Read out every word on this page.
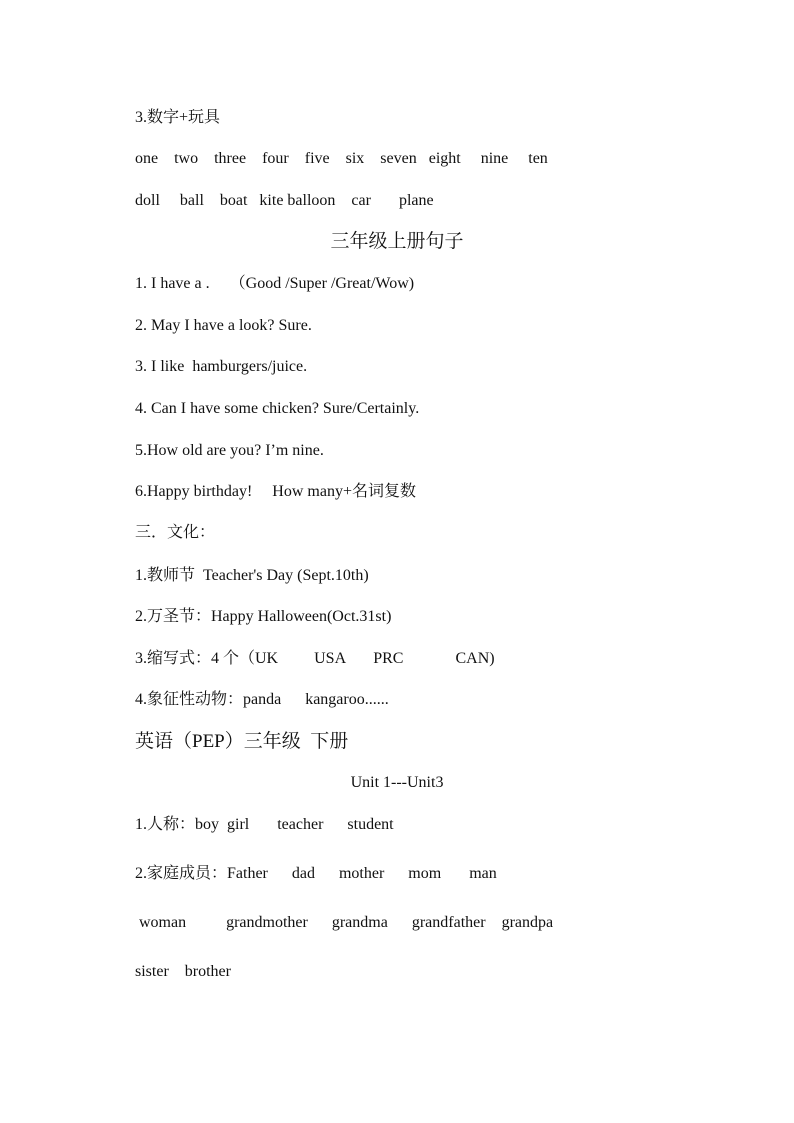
3.数字+玩具
one    two    three    four    five    six    seven   eight     nine     ten
doll     ball    boat   kite balloon    car       plane
三年级上册句子
1. I have a .     （Good /Super /Great/Wow)
2. May I have a look? Sure.
3. I like  hamburgers/juice.
4. Can I have some chicken? Sure/Certainly.
5.How old are you? I’m nine.
6.Happy birthday!     How many+名词复数
三．文化：
1.教师节  Teacher's Day (Sept.10th)
2.万圣节：Happy Halloween(Oct.31st)
3.缩写式：4 个（UK         USA       PRC             CAN)
4.象征性动物：panda      kangaroo......
英语（PEP）三年级  下册
Unit 1---Unit3
1.人称：boy  girl       teacher      student
2.家庭成员：Father      dad      mother      mom       man
woman          grandmother      grandma      grandfather    grandpa
sister    brother
